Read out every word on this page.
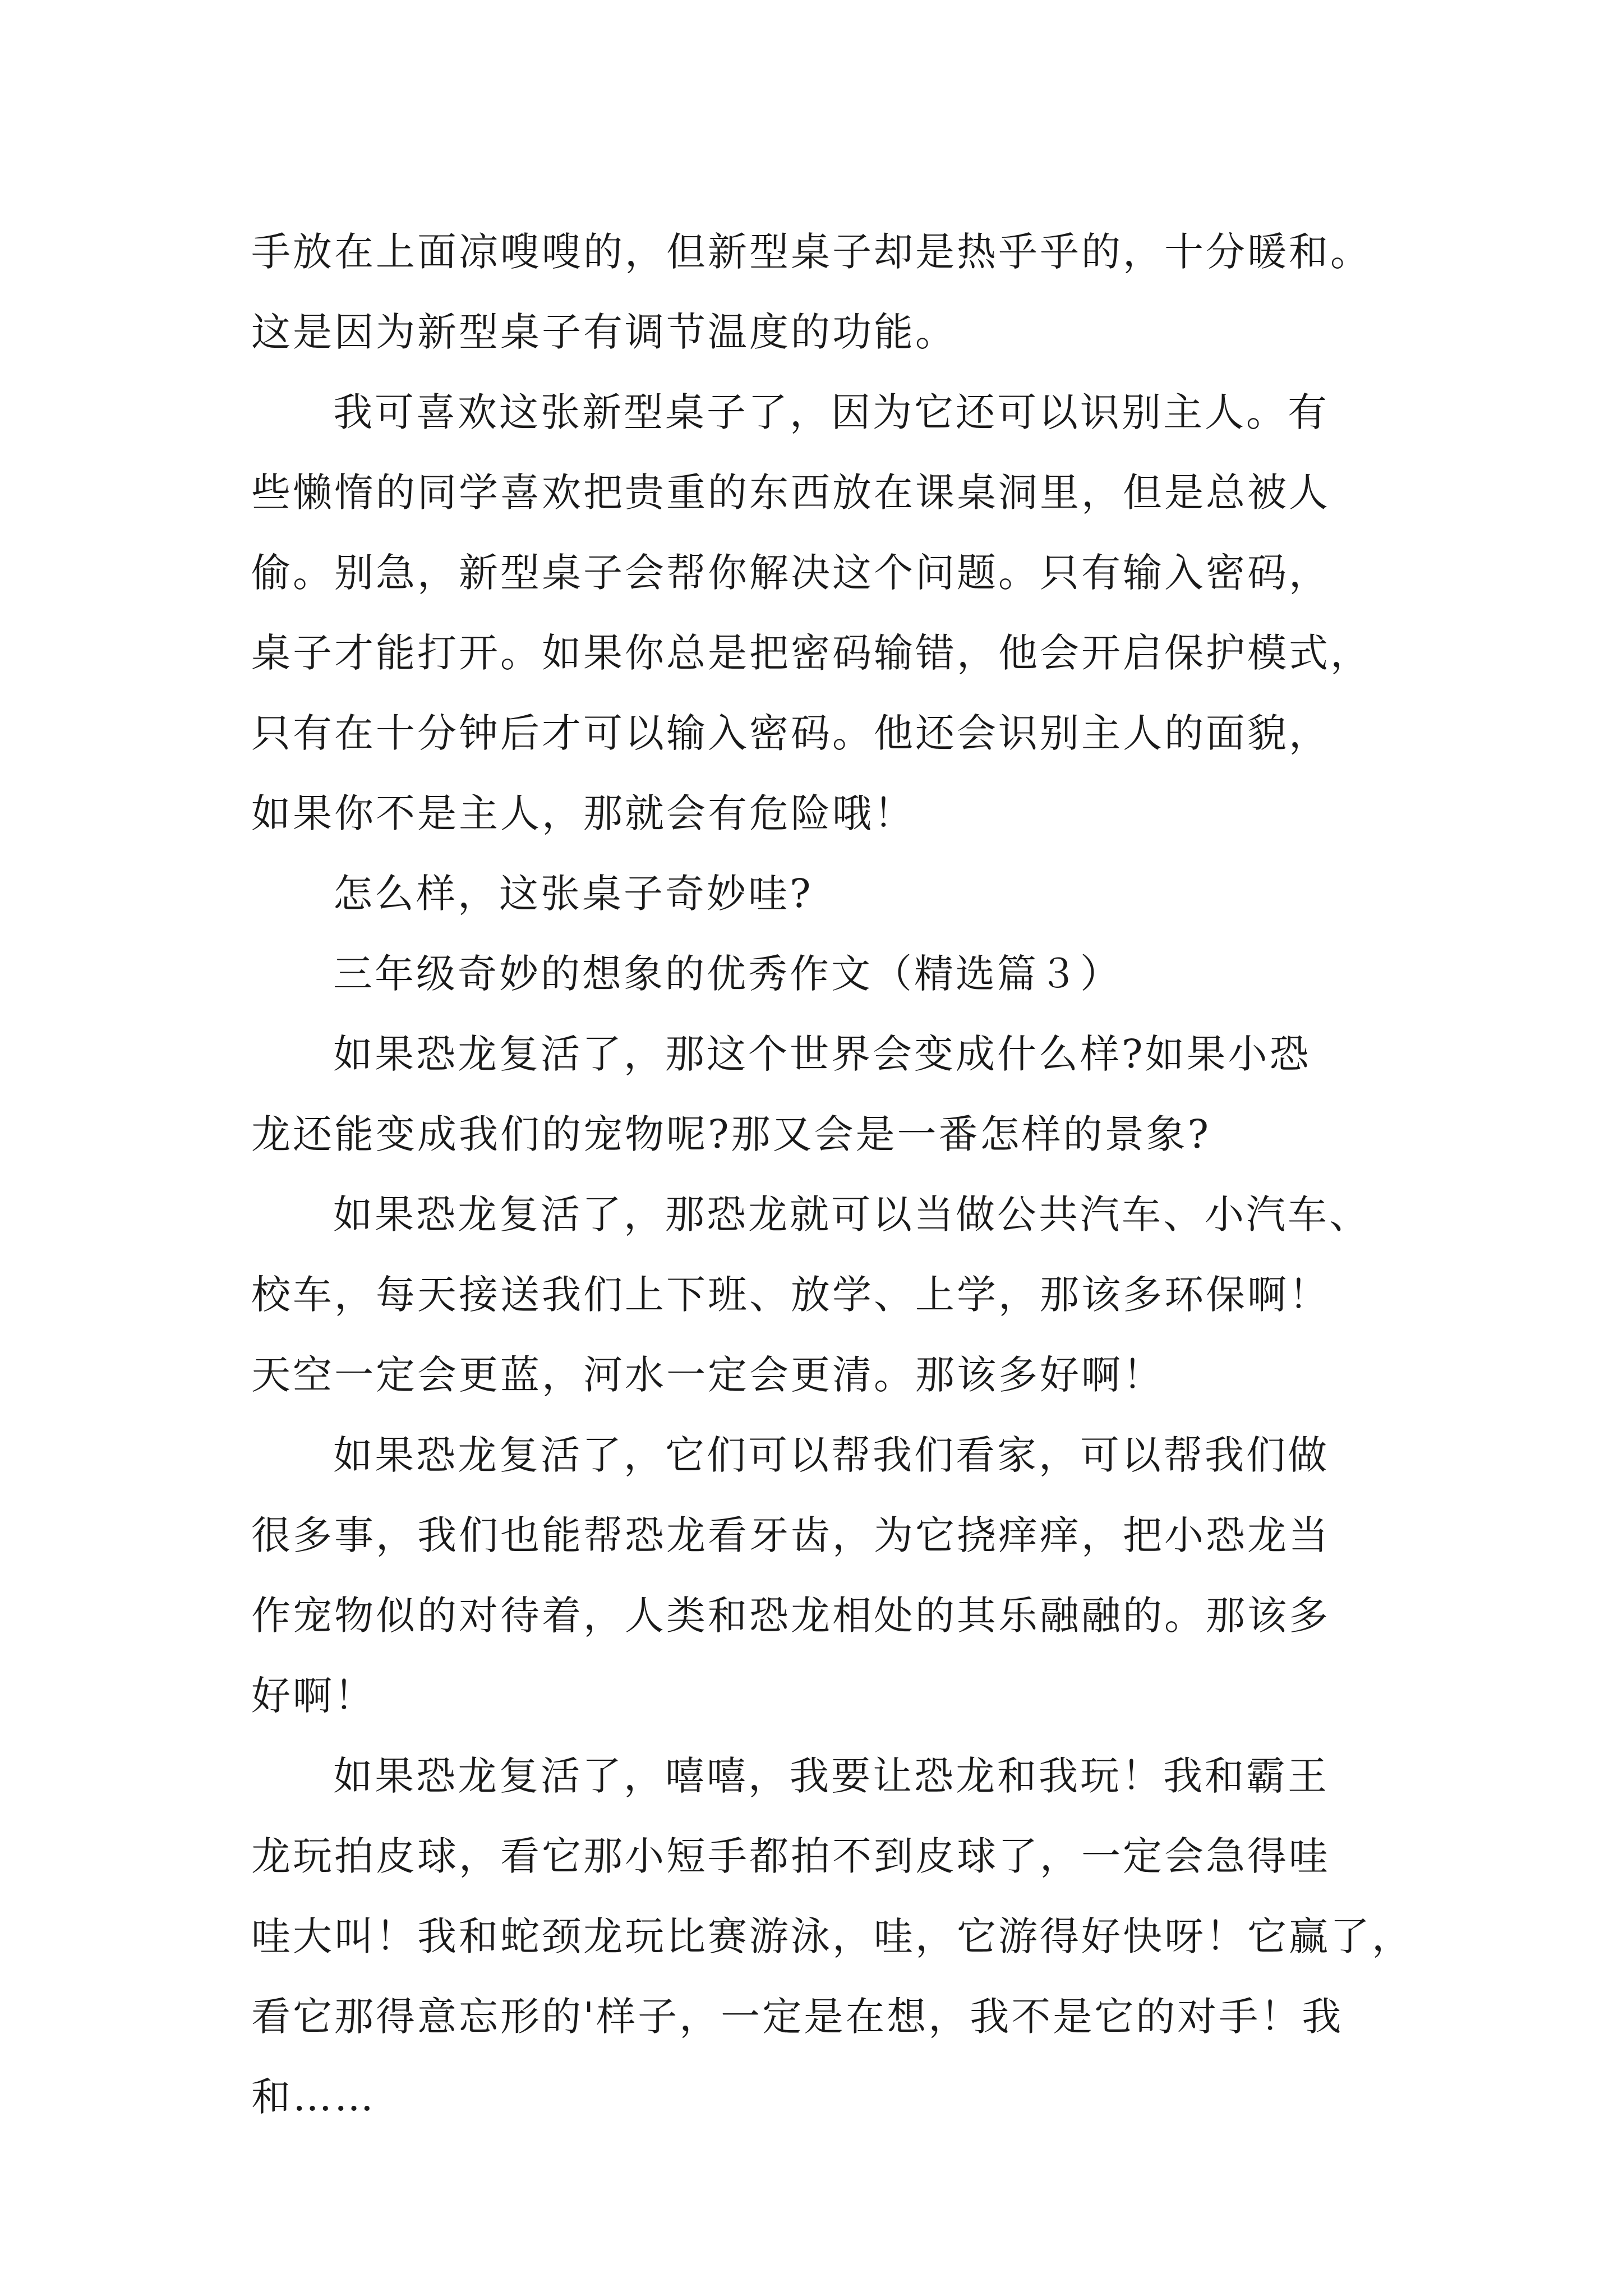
手放在上面凉嗖嗖的，但新型桌子却是热乎乎的，十分暖和。
这是因为新型桌子有调节温度的功能。
我可喜欢这张新型桌子了，因为它还可以识别主人。有
些懒惰的同学喜欢把贵重的东西放在课桌洞里，但是总被人
偷。别急，新型桌子会帮你解决这个问题。只有输入密码，
桌子才能打开。如果你总是把密码输错，他会开启保护模式，
只有在十分钟后才可以输入密码。他还会识别主人的面貌，
如果你不是主人，那就会有危险哦！
怎么样，这张桌子奇妙哇?
三年级奇妙的想象的优秀作文（精选篇３）
如果恐龙复活了，那这个世界会变成什么样?如果小恐
龙还能变成我们的宠物呢?那又会是一番怎样的景象?
如果恐龙复活了，那恐龙就可以当做公共汽车、小汽车、
校车，每天接送我们上下班、放学、上学，那该多环保啊！
天空一定会更蓝，河水一定会更清。那该多好啊！
如果恐龙复活了，它们可以帮我们看家，可以帮我们做
很多事，我们也能帮恐龙看牙齿，为它挠痒痒，把小恐龙当
作宠物似的对待着，人类和恐龙相处的其乐融融的。那该多
好啊！
如果恐龙复活了，嘻嘻，我要让恐龙和我玩！我和霸王
龙玩拍皮球，看它那小短手都拍不到皮球了，一定会急得哇
哇大叫！我和蛇颈龙玩比赛游泳，哇，它游得好快呀！它赢了，
看它那得意忘形的'样子，一定是在想，我不是它的对手！我
和……
